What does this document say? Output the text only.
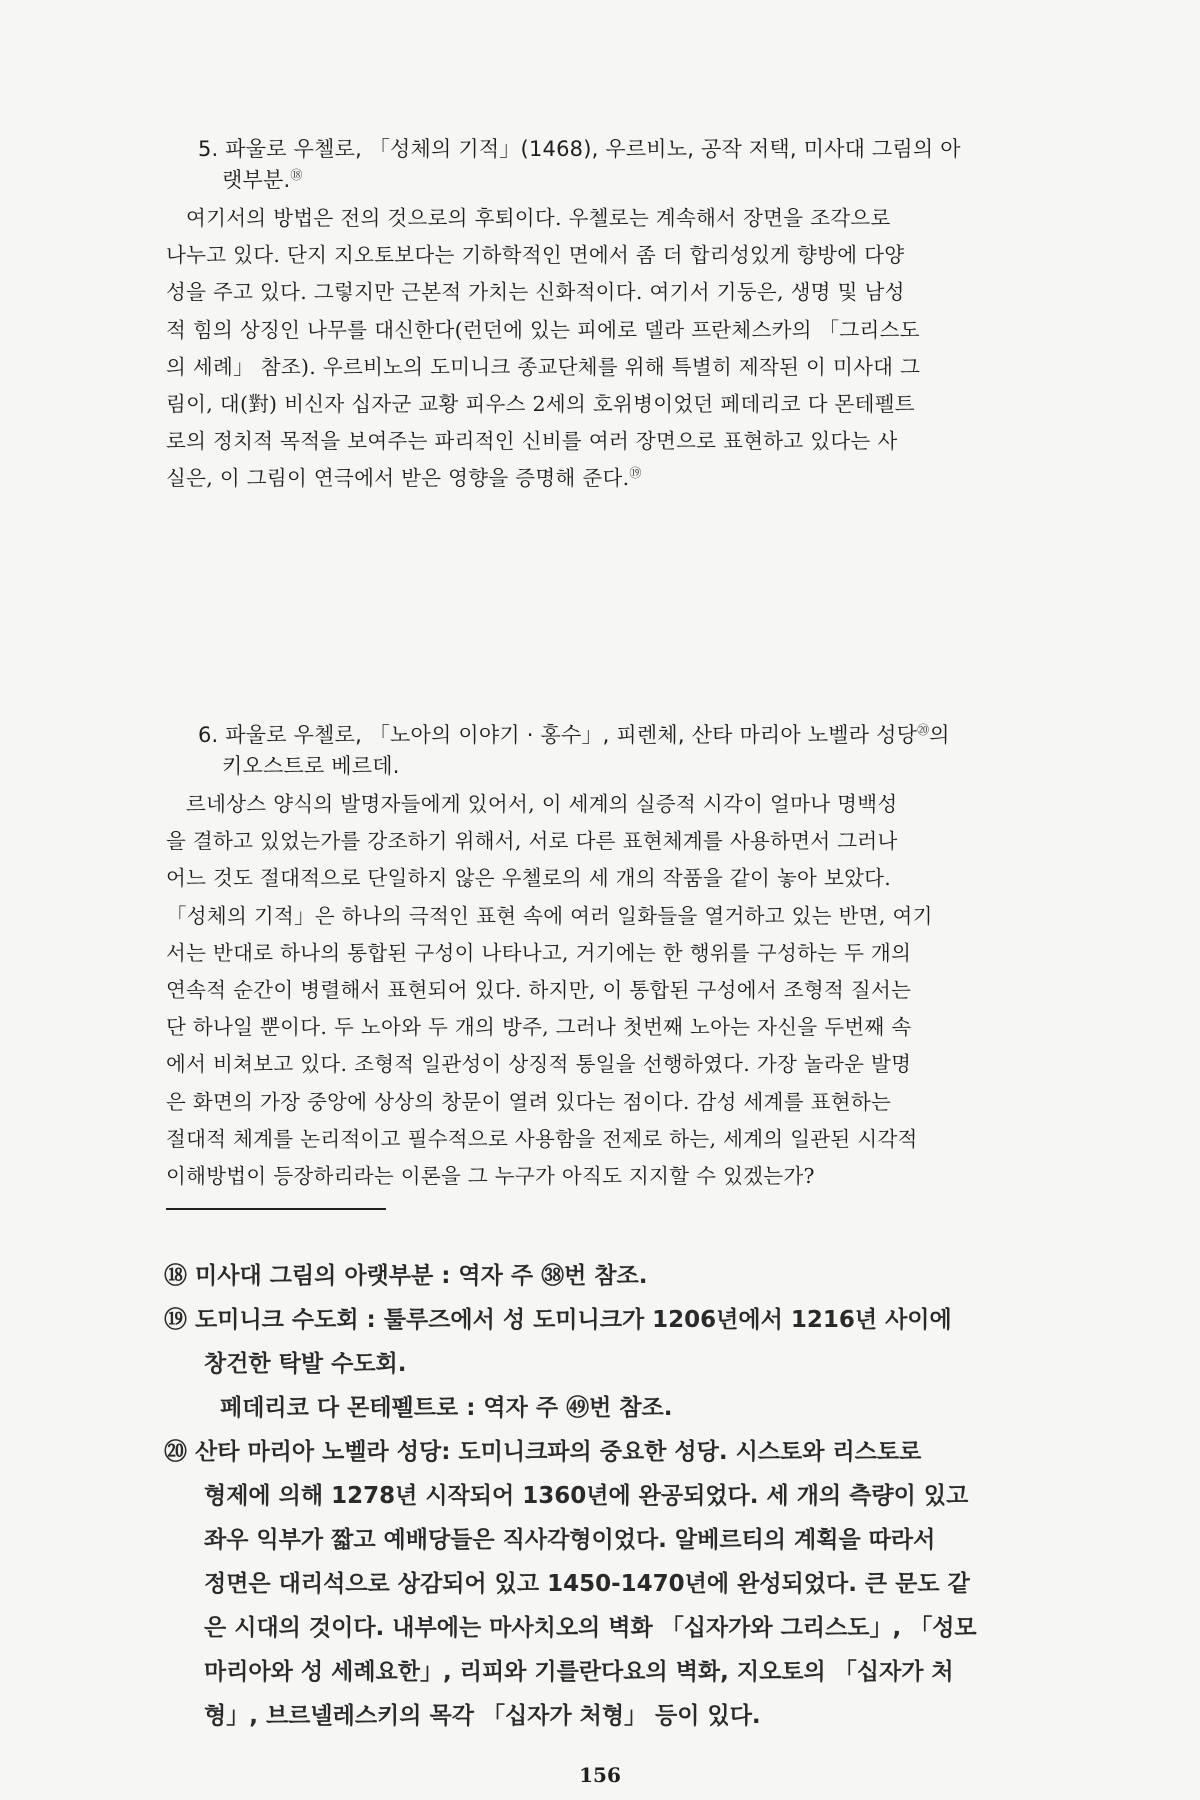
5. 파울로 우첼로, 「성체의 기적」(1468), 우르비노, 공작 저택, 미사대 그림의 아
랫부분.⑱
여기서의 방법은 전의 것으로의 후퇴이다. 우첼로는 계속해서 장면을 조각으로
나누고 있다. 단지 지오토보다는 기하학적인 면에서 좀 더 합리성있게 향방에 다양
성을 주고 있다. 그렇지만 근본적 가치는 신화적이다. 여기서 기둥은, 생명 및 남성
적 힘의 상징인 나무를 대신한다(런던에 있는 피에로 델라 프란체스카의 「그리스도
의 세례」 참조). 우르비노의 도미니크 종교단체를 위해 특별히 제작된 이 미사대 그
림이, 대(對) 비신자 십자군 교황 피우스 2세의 호위병이었던 페데리코 다 몬테펠트
로의 정치적 목적을 보여주는 파리적인 신비를 여러 장면으로 표현하고 있다는 사
실은, 이 그림이 연극에서 받은 영향을 증명해 준다.⑲
6. 파울로 우첼로, 「노아의 이야기 · 홍수」, 피렌체, 산타 마리아 노벨라 성당⑳의
키오스트로 베르데.
르네상스 양식의 발명자들에게 있어서, 이 세계의 실증적 시각이 얼마나 명백성
을 결하고 있었는가를 강조하기 위해서, 서로 다른 표현체계를 사용하면서 그러나
어느 것도 절대적으로 단일하지 않은 우첼로의 세 개의 작품을 같이 놓아 보았다.
「성체의 기적」은 하나의 극적인 표현 속에 여러 일화들을 열거하고 있는 반면, 여기
서는 반대로 하나의 통합된 구성이 나타나고, 거기에는 한 행위를 구성하는 두 개의
연속적 순간이 병렬해서 표현되어 있다. 하지만, 이 통합된 구성에서 조형적 질서는
단 하나일 뿐이다. 두 노아와 두 개의 방주, 그러나 첫번째 노아는 자신을 두번째 속
에서 비쳐보고 있다. 조형적 일관성이 상징적 통일을 선행하였다. 가장 놀라운 발명
은 화면의 가장 중앙에 상상의 창문이 열려 있다는 점이다. 감성 세계를 표현하는
절대적 체계를 논리적이고 필수적으로 사용함을 전제로 하는, 세계의 일관된 시각적
이해방법이 등장하리라는 이론을 그 누구가 아직도 지지할 수 있겠는가?
⑱ 미사대 그림의 아랫부분 : 역자 주 ㊳번 참조.
⑲ 도미니크 수도회 : 툴루즈에서 성 도미니크가 1206년에서 1216년 사이에
창건한 탁발 수도회.
페데리코 다 몬테펠트로 : 역자 주 ㊾번 참조.
⑳ 산타 마리아 노벨라 성당: 도미니크파의 중요한 성당. 시스토와 리스토로
형제에 의해 1278년 시작되어 1360년에 완공되었다. 세 개의 측량이 있고
좌우 익부가 짧고 예배당들은 직사각형이었다. 알베르티의 계획을 따라서
정면은 대리석으로 상감되어 있고 1450-1470년에 완성되었다. 큰 문도 같
은 시대의 것이다. 내부에는 마사치오의 벽화 「십자가와 그리스도」, 「성모
마리아와 성 세례요한」, 리피와 기를란다요의 벽화, 지오토의 「십자가 처
형」, 브르넬레스키의 목각 「십자가 처형」 등이 있다.
156
